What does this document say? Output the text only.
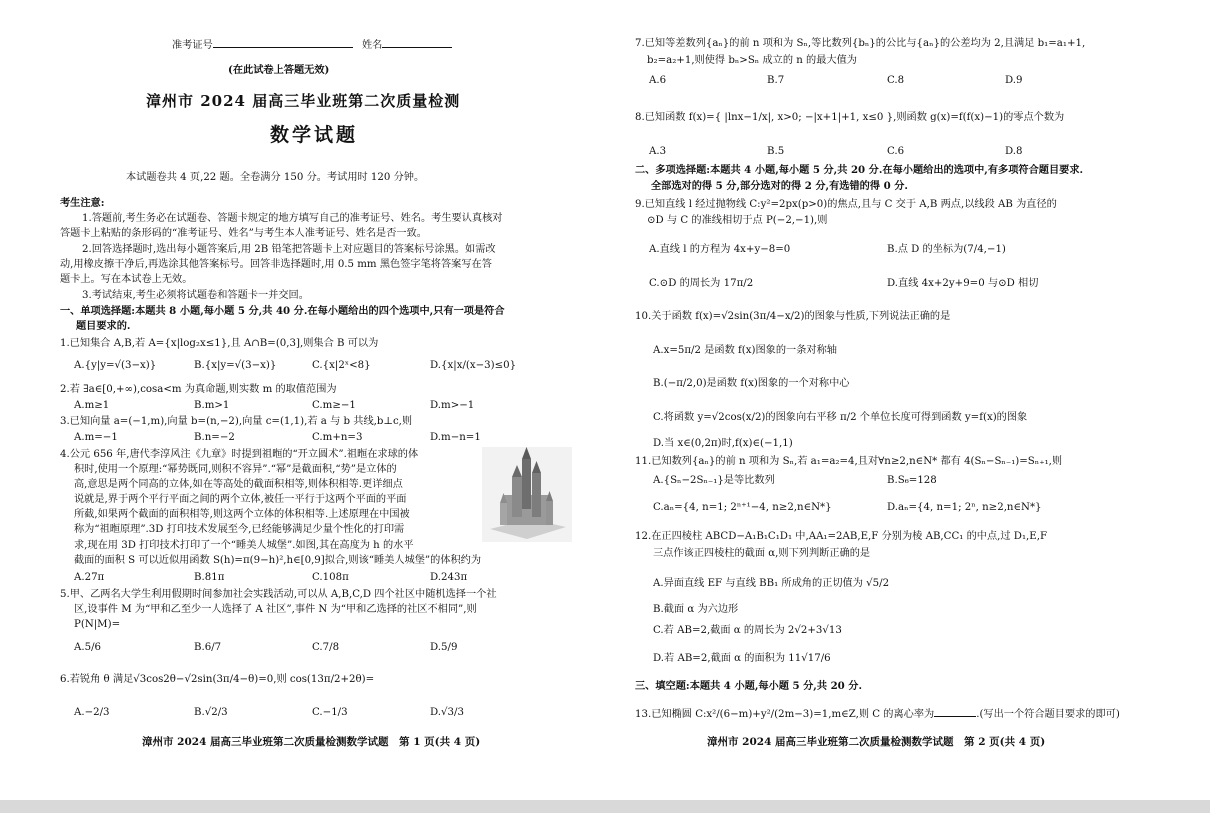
准考证号	姓名
(在此试卷上答题无效)
漳州市 2024 届高三毕业班第二次质量检测
数学试题
本试题卷共 4 页,22 题。全卷满分 150 分。考试用时 120 分钟。
考生注意:
1.答题前,考生务必在试题卷、答题卡规定的地方填写自己的准考证号、姓名。考生要认真核对
答题卡上粘贴的条形码的“准考证号、姓名”与考生本人准考证号、姓名是否一致。
2.回答选择题时,选出每小题答案后,用 2B 铅笔把答题卡上对应题目的答案标号涂黑。如需改
动,用橡皮擦干净后,再选涂其他答案标号。回答非选择题时,用 0.5 mm 黑色签字笔将答案写在答
题卡上。写在本试卷上无效。
3.考试结束,考生必须将试题卷和答题卡一并交回。
一、单项选择题:本题共 8 小题,每小题 5 分,共 40 分.在每小题给出的四个选项中,只有一项是符合
题目要求的.
1.已知集合 A,B,若 A={x|log₂x≤1},且 A∩B=(0,3],则集合 B 可以为
A.{y|y=√(3−x)}	B.{x|y=√(3−x)}	C.{x|2ˣ<8}	D.{x|x/(x−3)≤0}
2.若 ∃a∈[0,+∞),cosa<m 为真命题,则实数 m 的取值范围为
A.m≥1	B.m>1	C.m≥−1	D.m>−1
3.已知向量 a=(−1,m),向量 b=(n,−2),向量 c=(1,1),若 a 与 b 共线,b⊥c,则
A.m=−1	B.n=−2	C.m+n=3	D.m−n=1
4.公元 656 年,唐代李淳风注《九章》时提到祖暅的“开立圆术”.祖暅在求球的体
积时,使用一个原理:“幂势既同,则积不容异”.“幂”是截面积,“势”是立体的
高,意思是两个同高的立体,如在等高处的截面积相等,则体积相等.更详细点
说就是,界于两个平行平面之间的两个立体,被任一平行于这两个平面的平面
所截,如果两个截面的面积相等,则这两个立体的体积相等.上述原理在中国被
称为“祖暅原理”.3D 打印技术发展至今,已经能够满足少量个性化的打印需
求,现在用 3D 打印技术打印了一个“睡美人城堡”.如图,其在高度为 h 的水平
截面的面积 S 可以近似用函数 S(h)=π(9−h)²,h∈[0,9]拟合,则该“睡美人城堡”的体积约为
A.27π	B.81π	C.108π	D.243π
5.甲、乙两名大学生利用假期时间参加社会实践活动,可以从 A,B,C,D 四个社区中随机选择一个社
区,设事件 M 为“甲和乙至少一人选择了 A 社区”,事件 N 为“甲和乙选择的社区不相同”,则
P(N|M)=
A.5/6	B.6/7	C.7/8	D.5/9
6.若锐角 θ 满足√3cos2θ−√2sin(3π/4−θ)=0,则 cos(13π/2+2θ)=
A.−2/3	B.√2/3	C.−1/3	D.√3/3
漳州市 2024 届高三毕业班第二次质量检测数学试题　第 1 页(共 4 页)
7.已知等差数列{aₙ}的前 n 项和为 Sₙ,等比数列{bₙ}的公比与{aₙ}的公差均为 2,且满足 b₁=a₁+1,
b₂=a₂+1,则使得 bₙ>Sₙ 成立的 n 的最大值为
A.6	B.7	C.8	D.9
8.已知函数 f(x)={ |lnx−1/x|, x>0; −|x+1|+1, x≤0 },则函数 g(x)=f(f(x)−1)的零点个数为
A.3	B.5	C.6	D.8
二、多项选择题:本题共 4 小题,每小题 5 分,共 20 分.在每小题给出的选项中,有多项符合题目要求.
全部选对的得 5 分,部分选对的得 2 分,有选错的得 0 分.
9.已知直线 l 经过抛物线 C:y²=2px(p>0)的焦点,且与 C 交于 A,B 两点,以线段 AB 为直径的
⊙D 与 C 的准线相切于点 P(−2,−1),则
A.直线 l 的方程为 4x+y−8=0	B.点 D 的坐标为(7/4,−1)
C.⊙D 的周长为 17π/2	D.直线 4x+2y+9=0 与⊙D 相切
10.关于函数 f(x)=√2sin(3π/4−x/2)的图象与性质,下列说法正确的是
A.x=5π/2 是函数 f(x)图象的一条对称轴
B.(−π/2,0)是函数 f(x)图象的一个对称中心
C.将函数 y=√2cos(x/2)的图象向右平移 π/2 个单位长度可得到函数 y=f(x)的图象
D.当 x∈(0,2π)时,f(x)∈(−1,1)
11.已知数列{aₙ}的前 n 项和为 Sₙ,若 a₁=a₂=4,且对∀n≥2,n∈N* 都有 4(Sₙ−Sₙ₋₁)=Sₙ₊₁,则
A.{Sₙ−2Sₙ₋₁}是等比数列	B.S₆=128
C.aₙ={4, n=1; 2ⁿ⁺¹−4, n≥2,n∈N*}	D.aₙ={4, n=1; 2ⁿ, n≥2,n∈N*}
12.在正四棱柱 ABCD−A₁B₁C₁D₁ 中,AA₁=2AB,E,F 分别为棱 AB,CC₁ 的中点,过 D₁,E,F
三点作该正四棱柱的截面 α,则下列判断正确的是
A.异面直线 EF 与直线 BB₁ 所成角的正切值为 √5/2
B.截面 α 为六边形
C.若 AB=2,截面 α 的周长为 2√2+3√13
D.若 AB=2,截面 α 的面积为 11√17/6
三、填空题:本题共 4 小题,每小题 5 分,共 20 分.
13.已知椭圆 C:x²/(6−m)+y²/(2m−3)=1,m∈Z,则 C 的离心率为	.(写出一个符合题目要求的即可)
漳州市 2024 届高三毕业班第二次质量检测数学试题　第 2 页(共 4 页)
